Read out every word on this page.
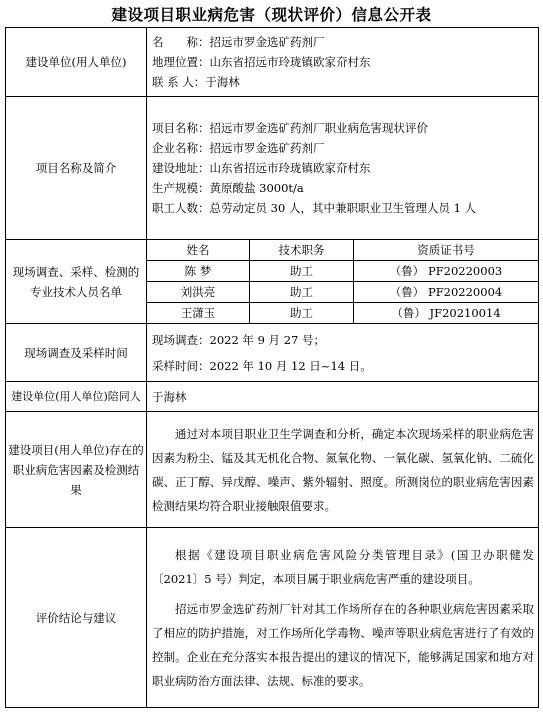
建设项目职业病危害（现状评价）信息公开表
建设单位(用人单位)	名　　称：招远市罗金选矿药剂厂
地理位置：山东省招远市玲珑镇欧家夼村东
联 系 人：于海林		

项目名称及简介	项目名称：招远市罗金选矿药剂厂职业病危害现状评价
企业名称：招远市罗金选矿药剂厂
建设地址：山东省招远市玲珑镇欧家夼村东
生产规模：黄原酸盐 3000t/a
职工人数：总劳动定员 30 人，其中兼职职业卫生管理人员 1 人		

现场调查、采样、检测的专业技术人员名单	姓名	技术职务	资质证书号
	陈 梦	助工	（鲁） PF20220003
	刘洪亮	助工	（鲁） PF20220004
	王潇玉	助工	（鲁） JF20210014
现场调查及采样时间	现场调查：2022 年 9 月 27 号；
采样时间：2022 年 10 月 12 日~14 日。		

建设单位(用人单位)陪同人	于海林		

建设项目(用人单位)存在的职业病危害因素及检测结果	通过对本项目职业卫生学调查和分析，确定本次现场采样的职业病危害因素为粉尘、锰及其无机化合物、氮氧化物、一氧化碳、氢氧化钠、二硫化碳、正丁醇、异戊醇、噪声、紫外辐射、照度。所测岗位的职业病危害因素检测结果均符合职业接触限值要求。		

评价结论与建议	根据《建设项目职业病危害风险分类管理目录》(国卫办职健发〔2021〕5 号）判定，本项目属于职业病危害严重的建设项目。
招远市罗金选矿药剂厂针对其工作场所存在的各种职业病危害因素采取了相应的防护措施，对工作场所化学毒物、噪声等职业病危害进行了有效的控制。企业在充分落实本报告提出的建议的情况下，能够满足国家和地方对职业病防治方面法律、法规、标准的要求。		
